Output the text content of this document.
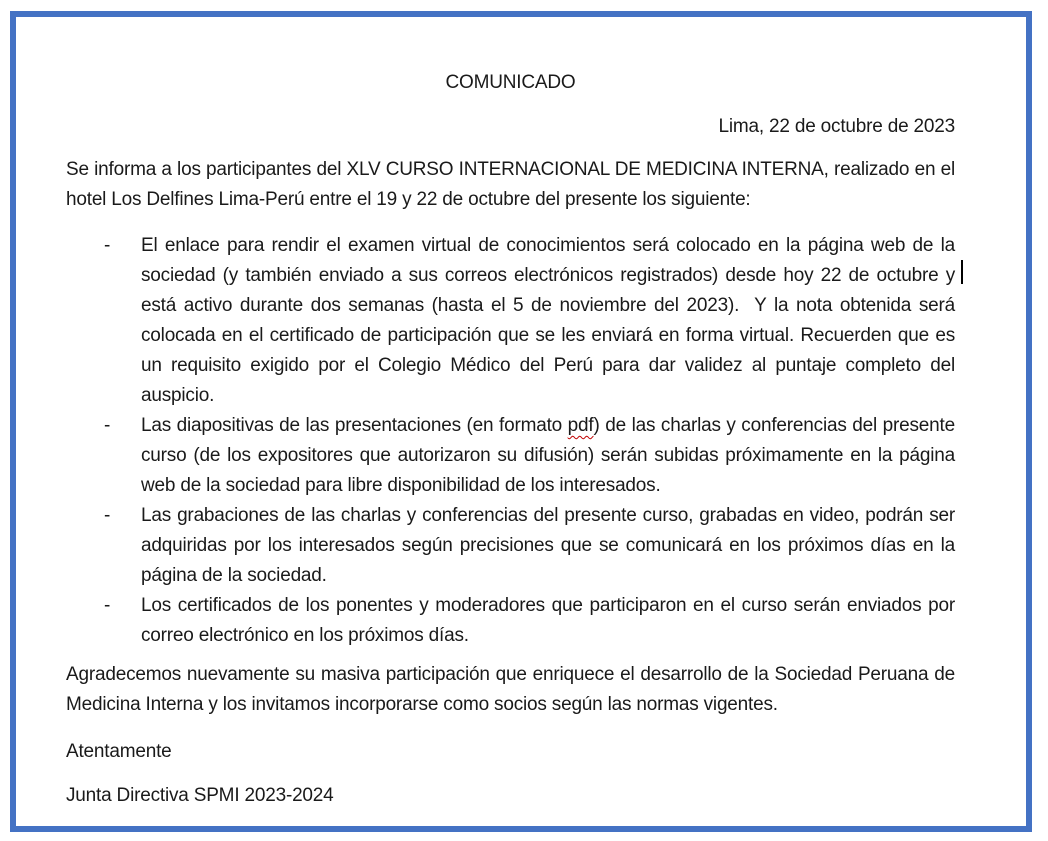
COMUNICADO
Lima, 22 de octubre de 2023

Se informa a los participantes del XLV CURSO INTERNACIONAL DE MEDICINA INTERNA, realizado en el hotel Los Delfines Lima-Perú entre el 19 y 22 de octubre del presente los siguiente:

- El enlace para rendir el examen virtual de conocimientos será colocado en la página web de la sociedad (y también enviado a sus correos electrónicos registrados) desde hoy 22 de octubre y está activo durante dos semanas (hasta el 5 de noviembre del 2023).  Y la nota obtenida será colocada en el certificado de participación que se les enviará en forma virtual. Recuerden que es un requisito exigido por el Colegio Médico del Perú para dar validez al puntaje completo del auspicio.
- Las diapositivas de las presentaciones (en formato pdf) de las charlas y conferencias del presente curso (de los expositores que autorizaron su difusión) serán subidas próximamente en la página web de la sociedad para libre disponibilidad de los interesados.
- Las grabaciones de las charlas y conferencias del presente curso, grabadas en video, podrán ser adquiridas por los interesados según precisiones que se comunicará en los próximos días en la página de la sociedad.
- Los certificados de los ponentes y moderadores que participaron en el curso serán enviados por correo electrónico en los próximos días.

Agradecemos nuevamente su masiva participación que enriquece el desarrollo de la Sociedad Peruana de Medicina Interna y los invitamos incorporarse como socios según las normas vigentes.

Atentamente

Junta Directiva SPMI 2023-2024
